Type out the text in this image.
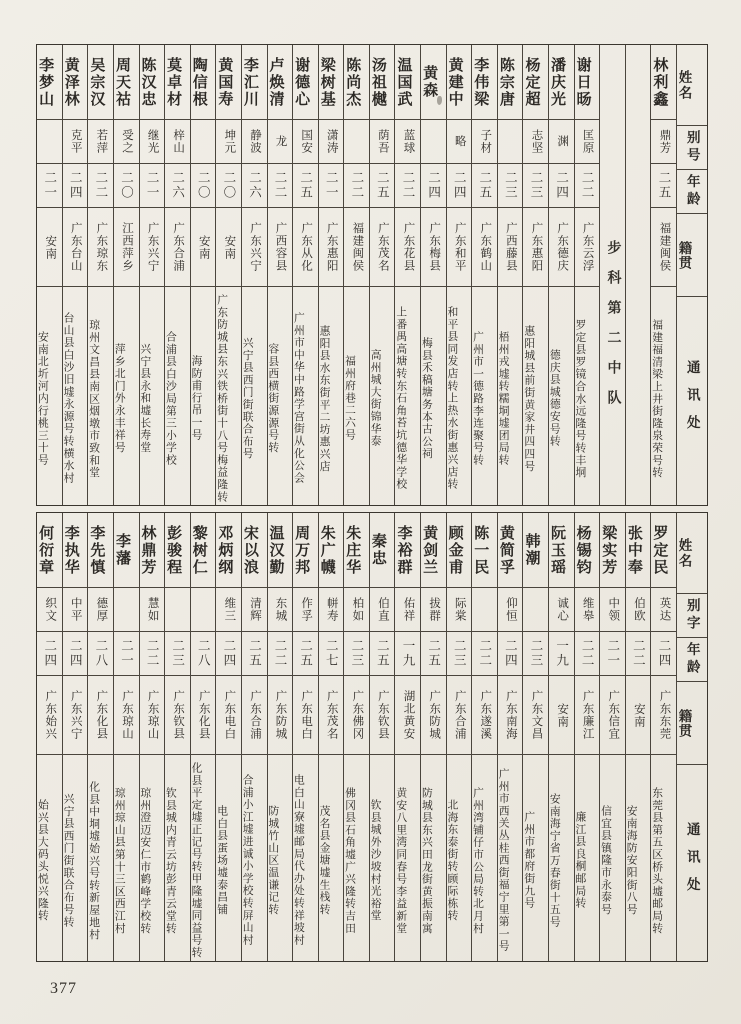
姓名
别号
年龄
籍贯
通讯处
林利鑫
鼎芳
二五
福建闽侯
福建福清梁上井街隆泉荣号转
步科第二中队
谢日旸
匡原
二二
广东云浮
罗定县罗镜合水远隆号转丰垌
潘庆光
渊
二四
广东德庆
德庆县城德安号转
杨定超
志坚
二三
广东惠阳
惠阳城县前街黄家井四四号
陈宗唐
二三
广西藤县
梧州戎墟转糯垌墟团局转
李伟梁
子材
二五
广东鹤山
广州市一德路李连聚号转
黄建中
略
二四
广东和平
和平县同发店转上热水街惠兴店转
黄森
二四
广东梅县
梅县禾稿塘务本古公祠
温国武
蓝球
二二
广东花县
上番禺高塘转东石角苔坑德华学校
汤祖樾
荫吾
二五
广东茂名
高州城大街锦华泰
陈尚杰
二二
福建闽侯
福州府巷二六号
梁树基
潇涛
二一
广东惠阳
惠阳县水东街平二坊惠兴店
谢德心
国安
二五
广东从化
广州市中华中路学宫街从化公会
卢焕清
龙
二二
广西容县
容县西横街源源号转
李汇川
静波
二六
广东兴宁
兴宁县西门街联合布号
黄国寿
坤元
二〇
安南
广东防城县东兴铁桥街十八号梅益隆转
陶信根
二〇
安南
海防甫行吊一号
莫卓材
梓山
二六
广东合浦
合浦县白沙局第三小学校
陈汉忠
继光
二一
广东兴宁
兴宁县永和墟长寿堂
周天祜
受之
二〇
江西萍乡
萍乡北门外永丰祥号
吴宗汉
若萍
二二
广东琼东
琼州文昌县南区烟墩市致和堂
黄泽林
克平
二四
广东台山
台山县白沙旧墟永源号转横水村
李梦山
二一
安南
安南北圻河内行桃三十号
姓名
别字
年龄
籍贯
通讯处
罗定民
英达
二四
广东东莞
东莞县第五区桥头墟邮局转
张中奉
伯欧
二二
安南
安南海防安阳街八号
梁实芳
中领
二一
广东信宜
信宜县镇隆市永泰号
杨锡钧
维皋
二二
广东廉江
廉江县良桐邮局转
阮玉瑶
诚心
一九
安南
安南海宁省万春街十五号
韩潮
二三
广东文昌
广州市都府街九号
黄简孚
仰恒
二四
广东南海
广州市西关丛桂西街福宁里第一号
陈一民
二二
广东遂溪
广州湾铺仔市公局转北月村
顾金甫
际棠
二三
广东合浦
北海东泰街转顾际栋转
黄剑兰
拔群
二五
广东防城
防城县东兴田龙街黄振南寓
李裕群
佑祥
一九
湖北黄安
黄安八里湾同春号李益新堂
秦忠
伯直
二五
广东钦县
钦县城外沙坡村光裕堂
朱庄华
柏如
二三
广东佛冈
佛冈县石角墟广兴隆转吉田
朱广幭
帡寿
二七
广东茂名
茂名县金塘墟生栈转
周万邦
作孚
二五
广东电白
电白山寮墟邮局代办处转祥坡村
温汉勤
东城
二二
广东防城
防城竹山区温谦记转
宋以浪
清辉
二五
广东合浦
合浦小江墟进诚小学校转屏山村
邓炳纲
维三
二四
广东电白
电白县蛋场墟泰昌铺
黎树仁
二八
广东化县
化县平定墟正记号转甲隆墟同益号转
彭骏程
二三
广东钦县
钦县城内青云坊彭青云堂转
林鼎芳
慧如
二二
广东琼山
琼州澄迈安仁市鹤峰学校转
李藩
二一
广东琼山
琼州琼山县第十三区西江村
李先慎
德厚
二八
广东化县
化县中垌墟始兴号转新屋地村
李执华
中平
二四
广东兴宁
兴宁县西门街联合布号转
何衍章
织文
二四
广东始兴
始兴县大码头悦兴隆转
377
